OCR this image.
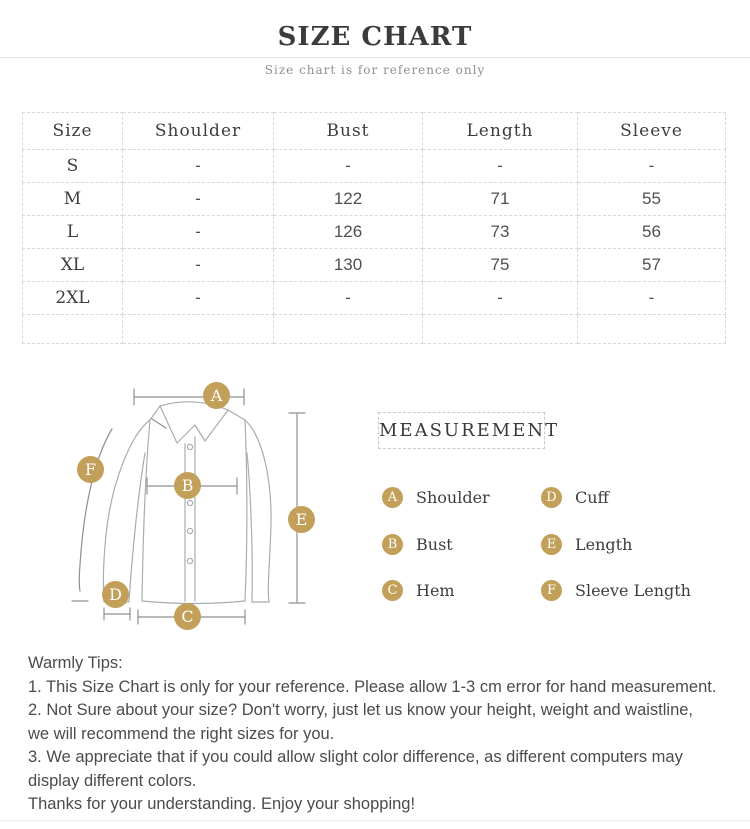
SIZE CHART
Size chart is for reference only
Size	Shoulder	Bust	Length	Sleeve
S	-	-	-	-
M	-	122	71	55
L	-	126	73	56
XL	-	130	75	57
2XL	-	-	-	-

A
B
C
D
E
F
MEASUREMENT
A	Shoulder	D	Cuff
B	Bust	E	Length
C	Hem	F	Sleeve Length
Warmly Tips:
1. This Size Chart is only for your reference. Please allow 1-3 cm error for hand measurement.
2. Not Sure about your size? Don't worry, just let us know your height, weight and waistline,
we will recommend the right sizes for you.
3. We appreciate that if you could allow slight color difference, as different computers may
display different colors.
Thanks for your understanding. Enjoy your shopping!
